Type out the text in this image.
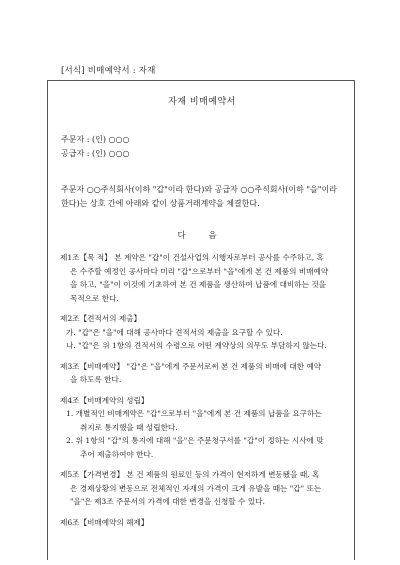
[서식] 비매예약서 : 자재
자재 비매예약서
주문자 : (인) ○○○
공급자 : (인) ○○○
주문자 ○○주식회사(이하 "갑"이라 한다)와 공급자 ○○주식회사(이하 "을"이라
한다)는 상호 간에 아래와 같이 상품거래계약을 체결한다.
다 음
제1조【목 적】 본 계약은 "갑"이 건설사업의 시행자로부터 공사를 수주하고, 혹
은 수주할 예정인 공사마다 미리 "갑"으로부터 "을"에게 본 건 제품의 비매예약
을 하고, "을"이 이것에 기초하여 본 건 제품을 생산하여 납품에 대비하는 것을
목적으로 한다.
제2조【견적서의 제출】
가. "갑"은 "을"에 대해 공사마다 견적서의 제출을 요구할 수 있다.
나. "갑"은 위 1항의 견적서의 수령으로 어떤 계약상의 의무도 부담하지 않는다.
제3조【비매예약】 "갑"은 "을"에게 주문서로써 본 건 제품의 비매에 대한 예약
을 하도록 한다.
제4조【비매계약의 성립】
1. 개별적인 비매계약은 "갑"으로부터 "을"에게 본 건 제품의 납품을 요구하는
취지로 통지했을 때 성립한다.
2. 위 1항의 "갑"의 통지에 대해 "을"은 주문청구서를 "갑"이 정하는 시사에 맞
추어 제출하여야 한다.
제5조【가격변경】 본 건 제품의 원료인 등의 가격이 현저하게 변동됐을 때, 혹
은 경제상황의 변동으로 전체적인 자재의 가격이 크게 유발을 때는 "갑" 또는
"을"은 제3조 주문서의 가격에 대한 변경을 신청할 수 있다.
제6조【비매예약의 해제】
